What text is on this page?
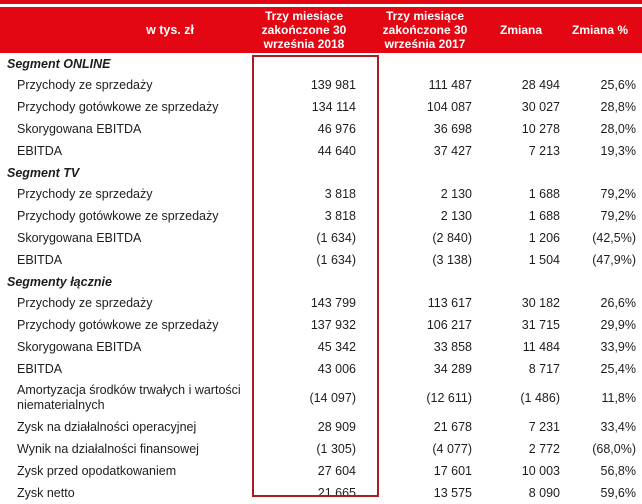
w tys. zł	Trzy miesiące zakończone 30 września 2018	Trzy miesiące zakończone 30 września 2017	Zmiana	Zmiana %
Segment ONLINE				
Przychody ze sprzedaży	139 981	111 487	28 494	25,6%
Przychody gotówkowe ze sprzedaży	134 114	104 087	30 027	28,8%
Skorygowana EBITDA	46 976	36 698	10 278	28,0%
EBITDA	44 640	37 427	7 213	19,3%
Segment TV				
Przychody ze sprzedaży	3 818	2 130	1 688	79,2%
Przychody gotówkowe ze sprzedaży	3 818	2 130	1 688	79,2%
Skorygowana EBITDA	(1 634)	(2 840)	1 206	(42,5%)
EBITDA	(1 634)	(3 138)	1 504	(47,9%)
Segmenty łącznie				
Przychody ze sprzedaży	143 799	113 617	30 182	26,6%
Przychody gotówkowe ze sprzedaży	137 932	106 217	31 715	29,9%
Skorygowana EBITDA	45 342	33 858	11 484	33,9%
EBITDA	43 006	34 289	8 717	25,4%
Amortyzacja środków trwałych i wartości niematerialnych	(14 097)	(12 611)	(1 486)	11,8%
Zysk na działalności operacyjnej	28 909	21 678	7 231	33,4%
Wynik na działalności finansowej	(1 305)	(4 077)	2 772	(68,0%)
Zysk przed opodatkowaniem	27 604	17 601	10 003	56,8%
Zysk netto	21 665	13 575	8 090	59,6%
